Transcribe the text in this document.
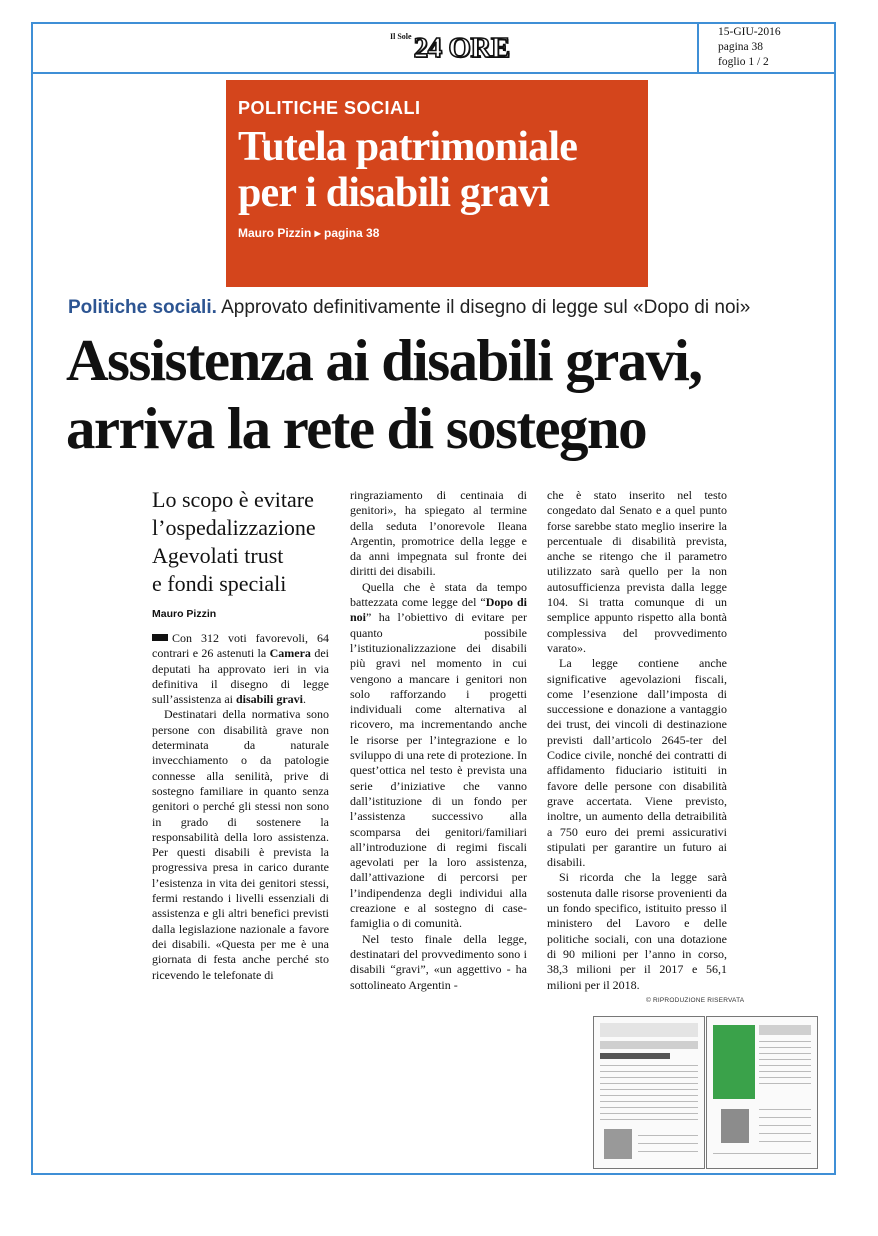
Il Sole 24 ORE	15-GIU-2016
pagina 38
foglio 1 / 2
POLITICHE SOCIALI
Tutela patrimoniale
per i disabili gravi
Mauro Pizzin ▸ pagina 38
Politiche sociali. Approvato definitivamente il disegno di legge sul «Dopo di noi»
Assistenza ai disabili gravi,
arriva la rete di sostegno
Lo scopo è evitare
l’ospedalizzazione
Agevolati trust
e fondi speciali
Mauro Pizzin

Con 312 voti favorevoli, 64 contrari e 26 astenuti la Camera dei deputati ha approvato ieri in via definitiva il disegno di legge sull’assistenza ai disabili gravi.

Destinatari della normativa sono persone con disabilità grave non determinata da naturale invecchiamento o da patologie connesse alla senilità, prive di sostegno familiare in quanto senza genitori o perché gli stessi non sono in grado di sostenere la responsabilità della loro assistenza. Per questi disabili è prevista la progressiva presa in carico durante l’esistenza in vita dei genitori stessi, fermi restando i livelli essenziali di assistenza e gli altri benefici previsti dalla legislazione nazionale a favore dei disabili. «Questa per me è una giornata di festa anche perché sto ricevendo le telefonate di

ringraziamento di centinaia di genitori», ha spiegato al termine della seduta l’onorevole Ileana Argentin, promotrice della legge e da anni impegnata sul fronte dei diritti dei disabili.

Quella che è stata da tempo battezzata come legge del “Dopo di noi” ha l’obiettivo di evitare per quanto possibile l’istituzionalizzazione dei disabili più gravi nel momento in cui vengono a mancare i genitori non solo rafforzando i progetti individuali come alternativa al ricovero, ma incrementando anche le risorse per l’integrazione e lo sviluppo di una rete di protezione. In quest’ottica nel testo è prevista una serie d’iniziative che vanno dall’istituzione di un fondo per l’assistenza successivo alla scomparsa dei genitori/familiari all’introduzione di regimi fiscali agevolati per la loro assistenza, dall’attivazione di percorsi per l’indipendenza degli individui alla creazione e al sostegno di case-famiglia o di comunità.

Nel testo finale della legge, destinatari del provvedimento sono i disabili “gravi”, «un aggettivo - ha sottolineato Argentin -

che è stato inserito nel testo congedato dal Senato e a quel punto forse sarebbe stato meglio inserire la percentuale di disabilità prevista, anche se ritengo che il parametro utilizzato sarà quello per la non autosufficienza prevista dalla legge 104. Si tratta comunque di un semplice appunto rispetto alla bontà complessiva del provvedimento varato».

La legge contiene anche significative agevolazioni fiscali, come l’esenzione dall’imposta di successione e donazione a vantaggio dei trust, dei vincoli di destinazione previsti dall’articolo 2645-ter del Codice civile, nonché dei contratti di affidamento fiduciario istituiti in favore delle persone con disabilità grave accertata. Viene previsto, inoltre, un aumento della detraibilità a 750 euro dei premi assicurativi stipulati per garantire un futuro ai disabili.

Si ricorda che la legge sarà sostenuta dalle risorse provenienti da un fondo specifico, istituito presso il ministero del Lavoro e delle politiche sociali, con una dotazione di 90 milioni per l’anno in corso, 38,3 milioni per il 2017 e 56,1 milioni per il 2018.

© RIPRODUZIONE RISERVATA
